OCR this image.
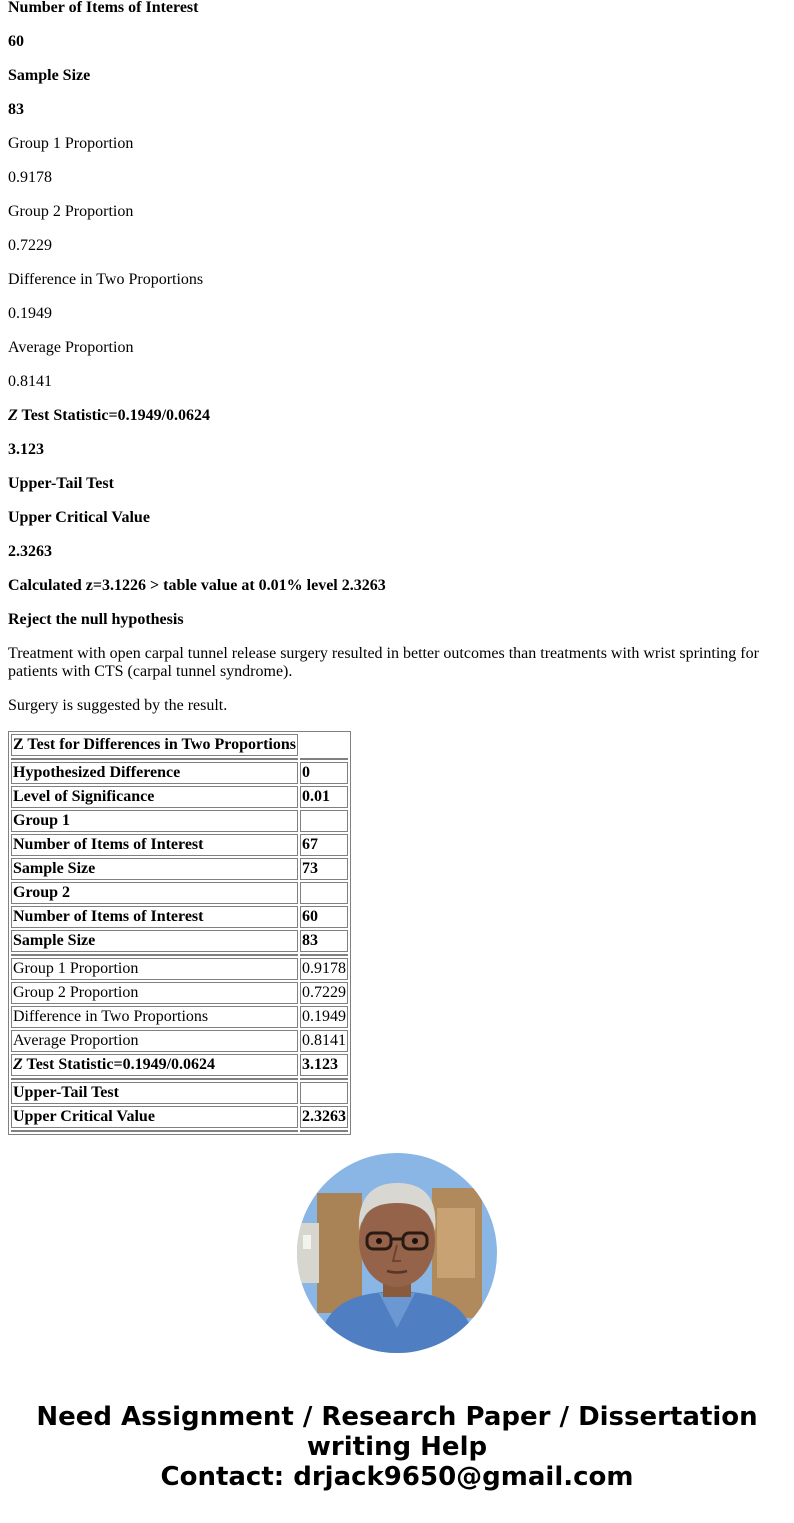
Number of Items of Interest

60

Sample Size

83

Group 1 Proportion

0.9178

Group 2 Proportion

0.7229

Difference in Two Proportions

0.1949

Average Proportion

0.8141

Z Test Statistic=0.1949/0.0624

3.123

Upper-Tail Test

Upper Critical Value

2.3263

Calculated z=3.1226 > table value at 0.01% level 2.3263

Reject the null hypothesis

Treatment with open carpal tunnel release surgery resulted in better outcomes than treatments with wrist sprinting for patients with CTS (carpal tunnel syndrome).

Surgery is suggested by the result.

Z Test for Differences in Two Proportions	

Hypothesized Difference	0
Level of Significance	0.01
Group 1	
Number of Items of Interest	67
Sample Size	73
Group 2	
Number of Items of Interest	60
Sample Size	83

Group 1 Proportion	0.9178
Group 2 Proportion	0.7229
Difference in Two Proportions	0.1949
Average Proportion	0.8141
Z Test Statistic=0.1949/0.0624	3.123

Upper-Tail Test	
Upper Critical Value	2.3263

Need Assignment / Research Paper / Dissertation
writing Help
Contact: drjack9650@gmail.com
